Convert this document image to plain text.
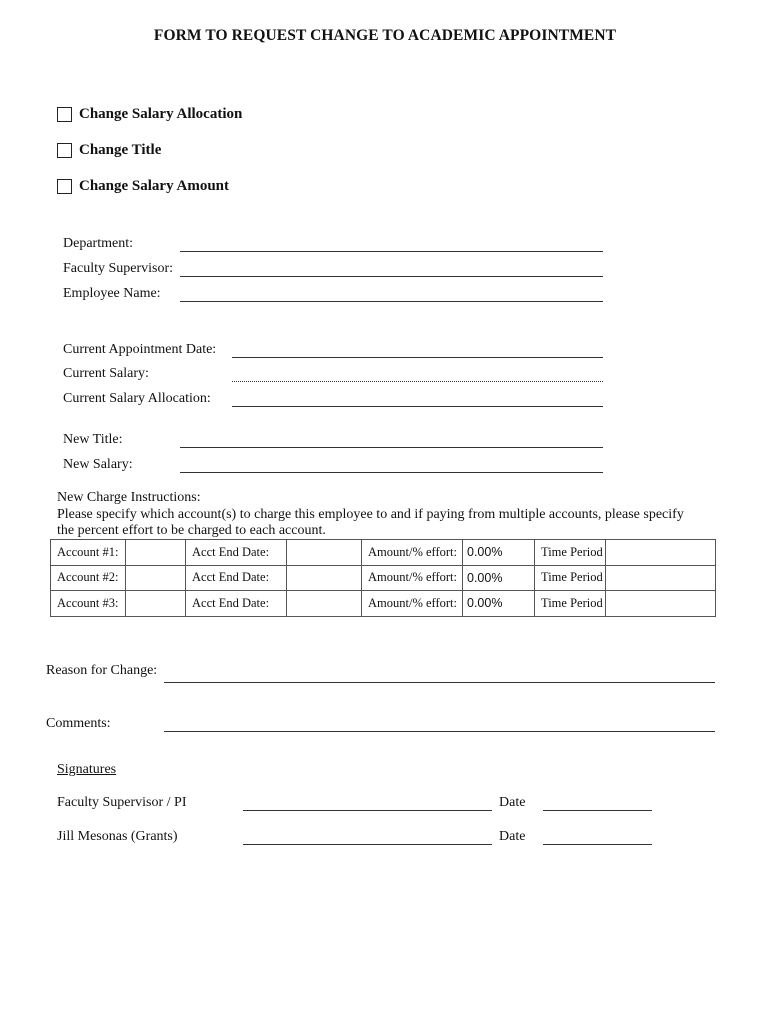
FORM TO REQUEST CHANGE TO ACADEMIC APPOINTMENT
Change Salary Allocation
Change Title
Change Salary Amount
Department:
Faculty Supervisor:
Employee Name:
Current Appointment Date:
Current Salary:
Current Salary Allocation:
New Title:
New Salary:
New Charge Instructions:
Please specify which account(s) to charge this employee to and if paying from multiple accounts, please specify
the percent effort to be charged to each account.
Account #1:		Acct End Date:		Amount/% effort:	0.00%	Time Period	
Account #2:		Acct End Date:		Amount/% effort:	0.00%	Time Period	
Account #3:		Acct End Date:		Amount/% effort:	0.00%	Time Period	
Reason for Change:
Comments:
Signatures
Faculty Supervisor / PI	Date
Jill Mesonas (Grants)	Date
